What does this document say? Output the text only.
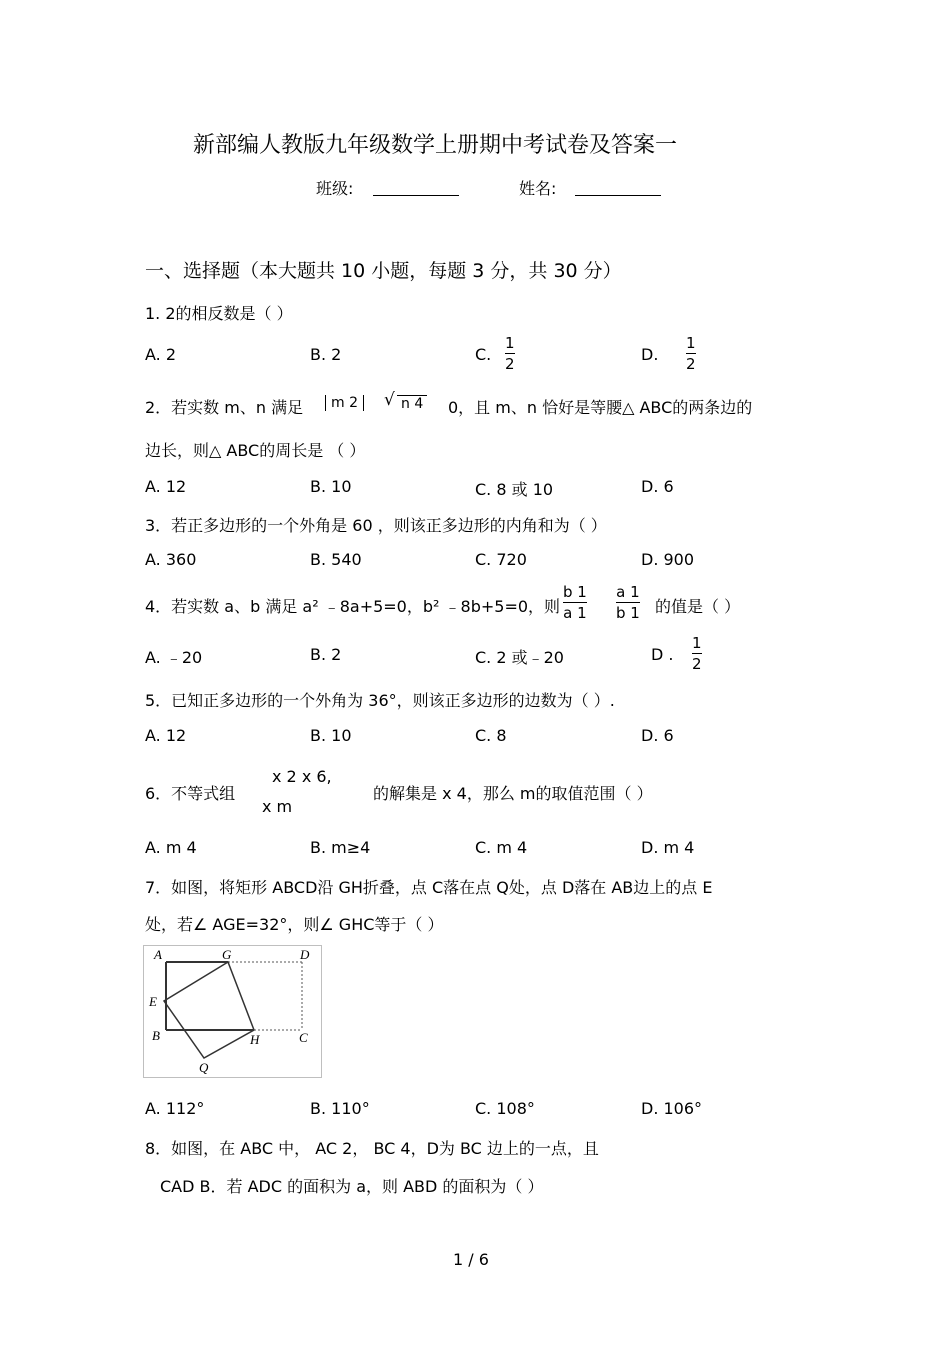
新部编人教版九年级数学上册期中考试卷及答案一
班级:	姓名:
一、选择题（本大题共 10 小题，每题 3 分，共 30 分）
1. 2的相反数是（ ）
A. 2	B. 2	C.
1
2	D.
1
2
2．若实数 m、n 满足	m 2	√ n 4 0，且 m、n 恰好是等腰△ ABC的两条边的
边长，则△ ABC的周长是 （ ）
A. 12	B. 10	C. 8 或 10	D. 6
3．若正多边形的一个外角是 60 ，则该正多边形的内角和为（ ）
A. 360	B. 540	C. 720	D. 900
4．若实数 a、b 满足 a² ﹣8a+5=0，b² ﹣8b+5=0，则
b 1
a 1
a 1
b 1 的值是（ ）
A. ﹣20	B. 2	C. 2 或﹣20	D .
1
2
5．已知正多边形的一个外角为 36°，则该正多边形的边数为（ ）.
A. 12	B. 10	C. 8	D. 6
6．不等式组
x 2 x 6,
x m
的解集是 x 4，那么 m的取值范围（ ）
A. m 4	B. m≥4	C. m 4	D. m 4
7．如图，将矩形 ABCD沿 GH折叠，点 C落在点 Q处，点 D落在 AB边上的点 E
处，若∠ AGE=32°，则∠ GHC等于（ ）
A	G	D
E
B	H	C
Q
A. 112°	B. 110°	C. 108°	D. 106°
8．如图，在 ABC 中， AC 2， BC 4，D为 BC 边上的一点，且
CAD B．若 ADC 的面积为 a，则 ABD 的面积为（ ）
1 / 6
